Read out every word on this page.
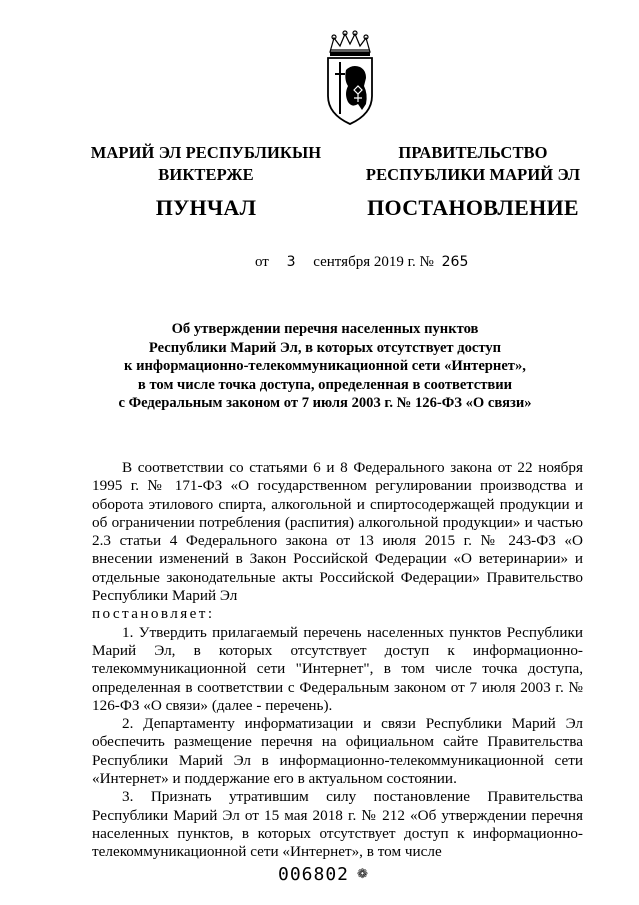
МАРИЙ ЭЛ РЕСПУБЛИКЫН
ВИКТЕРЖЕ
ПУНЧАЛ
ПРАВИТЕЛЬСТВО
РЕСПУБЛИКИ МАРИЙ ЭЛ
ПОСТАНОВЛЕНИЕ
от 3 сентября 2019 г. № 265
Об утверждении перечня населенных пунктов
Республики Марий Эл, в которых отсутствует доступ
к информационно-телекоммуникационной сети «Интернет»,
в том числе точка доступа, определенная в соответствии
с Федеральным законом от 7 июля 2003 г. № 126-ФЗ «О связи»

В соответствии со статьями 6 и 8 Федерального закона от 22 ноября 1995 г. № 171-ФЗ «О государственном регулировании производства и оборота этилового спирта, алкогольной и спиртосодержащей продукции и об ограничении потребления (распития) алкогольной продукции» и частью 2.3 статьи 4 Федерального закона от 13 июля 2015 г. № 243-ФЗ «О внесении изменений в Закон Российской Федерации «О ветеринарии» и отдельные законодательные акты Российской Федерации» Правительство Республики Марий Эл

постановляет:

1. Утвердить прилагаемый перечень населенных пунктов Республики Марий Эл, в которых отсутствует доступ к информационно-телекоммуникационной сети "Интернет", в том числе точка доступа, определенная в соответствии с Федеральным законом от 7 июля 2003 г. № 126-ФЗ «О связи» (далее - перечень).

2. Департаменту информатизации и связи Республики Марий Эл обеспечить размещение перечня на официальном сайте Правительства Республики Марий Эл в информационно-телекоммуникационной сети «Интернет» и поддержание его в актуальном состоянии.

3. Признать утратившим силу постановление Правительства Республики Марий Эл от 15 мая 2018 г. № 212 «Об утверждении перечня населенных пунктов, в которых отсутствует доступ к информационно-телекоммуникационной сети «Интернет», в том числе

006802 ❁
